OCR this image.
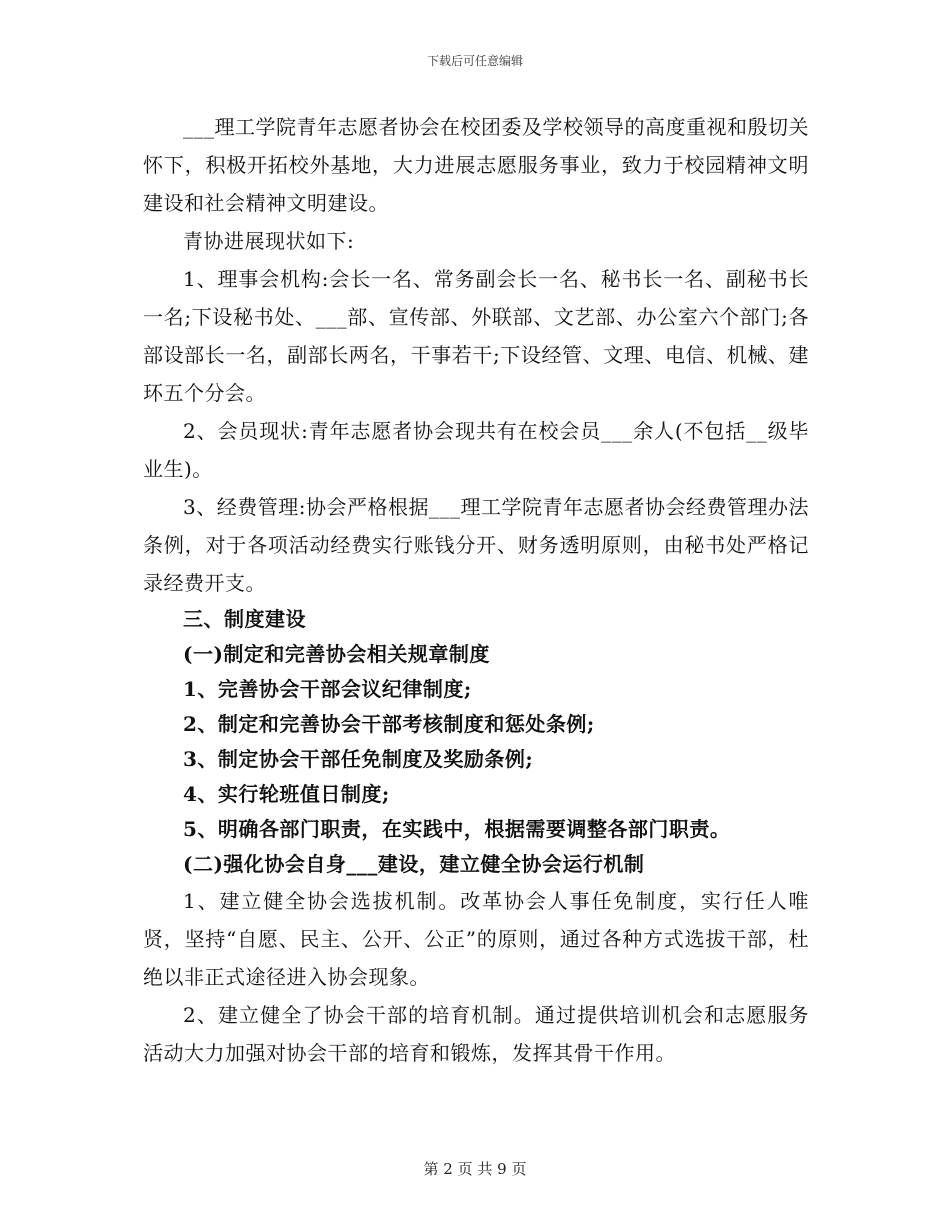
下载后可任意编辑

___理工学院青年志愿者协会在校团委及学校领导的高度重视和殷切关怀下，积极开拓校外基地，大力进展志愿服务事业，致力于校园精神文明建设和社会精神文明建设。

青协进展现状如下:

1、理事会机构:会长一名、常务副会长一名、秘书长一名、副秘书长一名;下设秘书处、___部、宣传部、外联部、文艺部、办公室六个部门;各部设部长一名，副部长两名，干事若干;下设经管、文理、电信、机械、建环五个分会。

2、会员现状:青年志愿者协会现共有在校会员___余人(不包括__级毕业生)。

3、经费管理:协会严格根据___理工学院青年志愿者协会经费管理办法条例，对于各项活动经费实行账钱分开、财务透明原则，由秘书处严格记录经费开支。

三、制度建设

(一)制定和完善协会相关规章制度

1、完善协会干部会议纪律制度;

2、制定和完善协会干部考核制度和惩处条例;

3、制定协会干部任免制度及奖励条例;

4、实行轮班值日制度;

5、明确各部门职责，在实践中，根据需要调整各部门职责。

(二)强化协会自身___建设，建立健全协会运行机制

1、建立健全协会选拔机制。改革协会人事任免制度，实行任人唯贤，坚持“自愿、民主、公开、公正”的原则，通过各种方式选拔干部，杜绝以非正式途径进入协会现象。

2、建立健全了协会干部的培育机制。通过提供培训机会和志愿服务活动大力加强对协会干部的培育和锻炼，发挥其骨干作用。

第 2 页 共 9 页
